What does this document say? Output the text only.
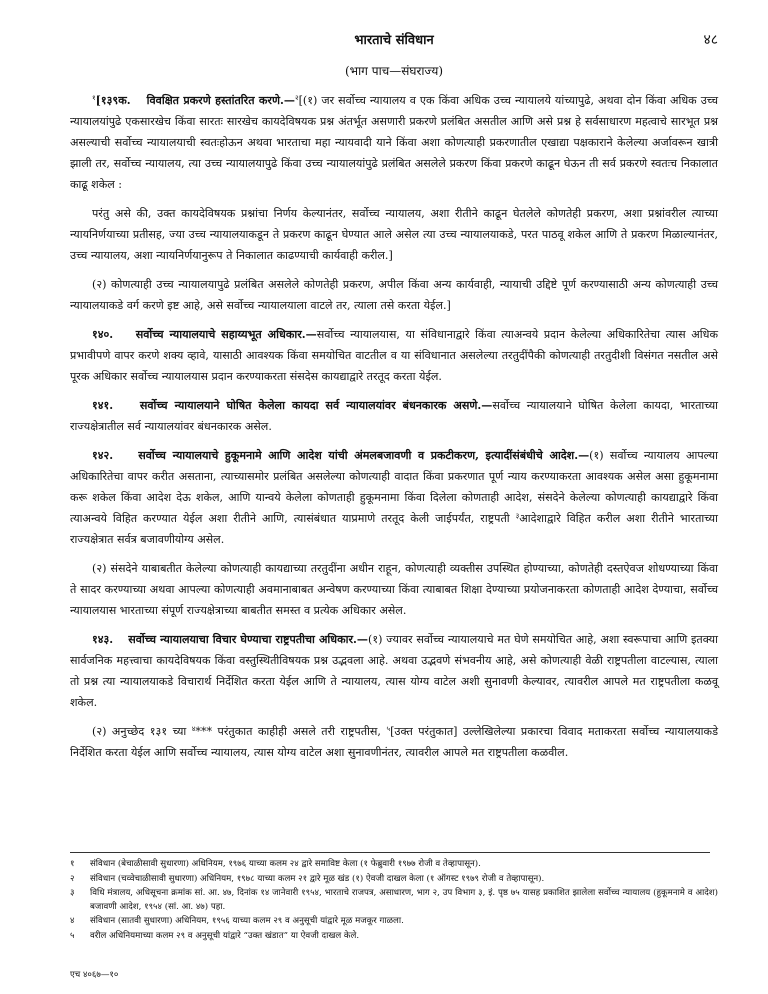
भारताचे संविधान	४८
(भाग पाच—संघराज्य)

$^१$[१३९क. विवक्षित प्रकरणे हस्तांतरित करणे.—$^२$[(१) जर सर्वोच्च न्यायालय व एक किंवा अधिक उच्च न्यायालये यांच्यापुढे, अथवा दोन किंवा अधिक उच्च न्यायालयांपुढे एकसारखेच किंवा सारतः सारखेच कायदेविषयक प्रश्न अंतर्भूत असणारी प्रकरणे प्रलंबित असतील आणि असे प्रश्न हे सर्वसाधारण महत्वाचे सारभूत प्रश्न असल्याची सर्वोच्च न्यायालयाची स्वतःहोऊन अथवा भारताचा महा न्यायवादी याने किंवा अशा कोणत्याही प्रकरणातील एखाद्या पक्षकाराने केलेल्या अर्जावरून खात्री झाली तर, सर्वोच्च न्यायालय, त्या उच्च न्यायालयापुढे किंवा उच्च न्यायालयांपुढे प्रलंबित असलेले प्रकरण किंवा प्रकरणे काढून घेऊन ती सर्व प्रकरणे स्वतःच निकालात काढू शकेल :

परंतु असे की, उक्त कायदेविषयक प्रश्नांचा निर्णय केल्यानंतर, सर्वोच्च न्यायालय, अशा रीतीने काढून घेतलेले कोणतेही प्रकरण, अशा प्रश्नांवरील त्याच्या न्यायनिर्णयाच्या प्रतीसह, ज्या उच्च न्यायालयाकडून ते प्रकरण काढून घेण्यात आले असेल त्या उच्च न्यायालयाकडे, परत पाठवू शकेल आणि ते प्रकरण मिळाल्यानंतर, उच्च न्यायालय, अशा न्यायनिर्णयानुरूप ते निकालात काढण्याची कार्यवाही करील.]

(२) कोणत्याही उच्च न्यायालयापुढे प्रलंबित असलेले कोणतेही प्रकरण, अपील किंवा अन्य कार्यवाही, न्यायाची उद्दिष्टे पूर्ण करण्यासाठी अन्य कोणत्याही उच्च न्यायालयाकडे वर्ग करणे इष्ट आहे, असे सर्वोच्च न्यायालयाला वाटले तर, त्याला तसे करता येईल.]

१४०. सर्वोच्च न्यायालयाचे सहाय्यभूत अधिकार.—सर्वोच्च न्यायालयास, या संविधानाद्वारे किंवा त्याअन्वये प्रदान केलेल्या अधिकारितेचा त्यास अधिक प्रभावीपणे वापर करणे शक्य व्हावे, यासाठी आवश्यक किंवा समयोचित वाटतील व या संविधानात असलेल्या तरतुदींपैकी कोणत्याही तरतुदीशी विसंगत नसतील असे पूरक अधिकार सर्वोच्च न्यायालयास प्रदान करण्याकरता संसदेस कायद्याद्वारे तरतूद करता येईल.

१४१. सर्वोच्च न्यायालयाने घोषित केलेला कायदा सर्व न्यायालयांवर बंधनकारक असणे.—सर्वोच्च न्यायालयाने घोषित केलेला कायदा, भारताच्या राज्यक्षेत्रातील सर्व न्यायालयांवर बंधनकारक असेल.

१४२. सर्वोच्च न्यायालयाचे हुकूमनामे आणि आदेश यांची अंमलबजावणी व प्रकटीकरण, इत्यादींसंबंधीचे आदेश.—(१) सर्वोच्च न्यायालय आपल्या अधिकारितेचा वापर करीत असताना, त्याच्यासमोर प्रलंबित असलेल्या कोणत्याही वादात किंवा प्रकरणात पूर्ण न्याय करण्याकरता आवश्यक असेल असा हुकूमनामा करू शकेल किंवा आदेश देऊ शकेल, आणि यान्वये केलेला कोणताही हुकूमनामा किंवा दिलेला कोणताही आदेश, संसदेने केलेल्या कोणत्याही कायद्याद्वारे किंवा त्याअन्वये विहित करण्यात येईल अशा रीतीने आणि, त्यासंबंधात याप्रमाणे तरतूद केली जाईपर्यंत, राष्ट्रपती $^३$आदेशाद्वारे विहित करील अशा रीतीने भारताच्या राज्यक्षेत्रात सर्वत्र बजावणीयोग्य असेल.

(२) संसदेने याबाबतीत केलेल्या कोणत्याही कायद्याच्या तरतुदींना अधीन राहून, कोणत्याही व्यक्तीस उपस्थित होण्याच्या, कोणतेही दस्तऐवज शोधण्याच्या किंवा ते सादर करण्याच्या अथवा आपल्या कोणत्याही अवमानाबाबत अन्वेषण करण्याच्या किंवा त्याबाबत शिक्षा देण्याच्या प्रयोजनाकरता कोणताही आदेश देण्याचा, सर्वोच्च न्यायालयास भारताच्या संपूर्ण राज्यक्षेत्राच्या बाबतीत समस्त व प्रत्येक अधिकार असेल.

१४३. सर्वोच्च न्यायालयाचा विचार घेण्याचा राष्ट्रपतीचा अधिकार.—(१) ज्यावर सर्वोच्च न्यायालयाचे मत घेणे समयोचित आहे, अशा स्वरूपाचा आणि इतक्या सार्वजनिक महत्त्वाचा कायदेविषयक किंवा वस्तुस्थितीविषयक प्रश्न उद्भवला आहे. अथवा उद्भवणे संभवनीय आहे, असे कोणत्याही वेळी राष्ट्रपतीला वाटल्यास, त्याला तो प्रश्न त्या न्यायालयाकडे विचारार्थ निर्देशित करता येईल आणि ते न्यायालय, त्यास योग्य वाटेल अशी सुनावणी केल्यावर, त्यावरील आपले मत राष्ट्रपतीला कळवू शकेल.

(२) अनुच्छेद १३१ च्या $^४$*** परंतुकात काहीही असले तरी राष्ट्रपतीस, $^५$[उक्त परंतुकात] उल्लेखिलेल्या प्रकारचा विवाद मताकरता सर्वोच्च न्यायालयाकडे निर्देशित करता येईल आणि सर्वोच्च न्यायालय, त्यास योग्य वाटेल अशा सुनावणीनंतर, त्यावरील आपले मत राष्ट्रपतीला कळवील.

१	संविधान (बेचाळीसावी सुधारणा) अधिनियम, १९७६ याच्या कलम २४ द्वारे समाविष्ट केला (१ फेब्रुवारी १९७७ रोजी व तेव्हापासून).
२	संविधान (चव्वेचाळीसावी सुधारणा) अधिनियम, १९७८ याच्या कलम २१ द्वारे मूळ खंड (१) ऐवजी दाखल केला (१ ऑगस्ट १९७९ रोजी व तेव्हापासून).
३	विधि मंत्रालय, अधिसूचना क्रमांक सां. आ. ४७, दिनांक १४ जानेवारी १९५४, भारताचे राजपत्र, असाधारण, भाग २, उप विभाग ३, इं. पृष्ठ ७५ यासह प्रकाशित झालेला सर्वोच्च न्यायालय (हुकूमनामे व आदेश) बजावणी आदेश, १९५४ (सां. आ. ४७) पहा.
४	संविधान (सातवी सुधारणा) अधिनियम, १९५६ याच्या कलम २९ व अनुसूची यांद्वारे मूळ मजकूर गाळला.
५	वरील अधिनियमाच्या कलम २९ व अनुसूची यांद्वारे “उक्त खंडात” या ऐवजी दाखल केले.
एच ४०६७—१०
